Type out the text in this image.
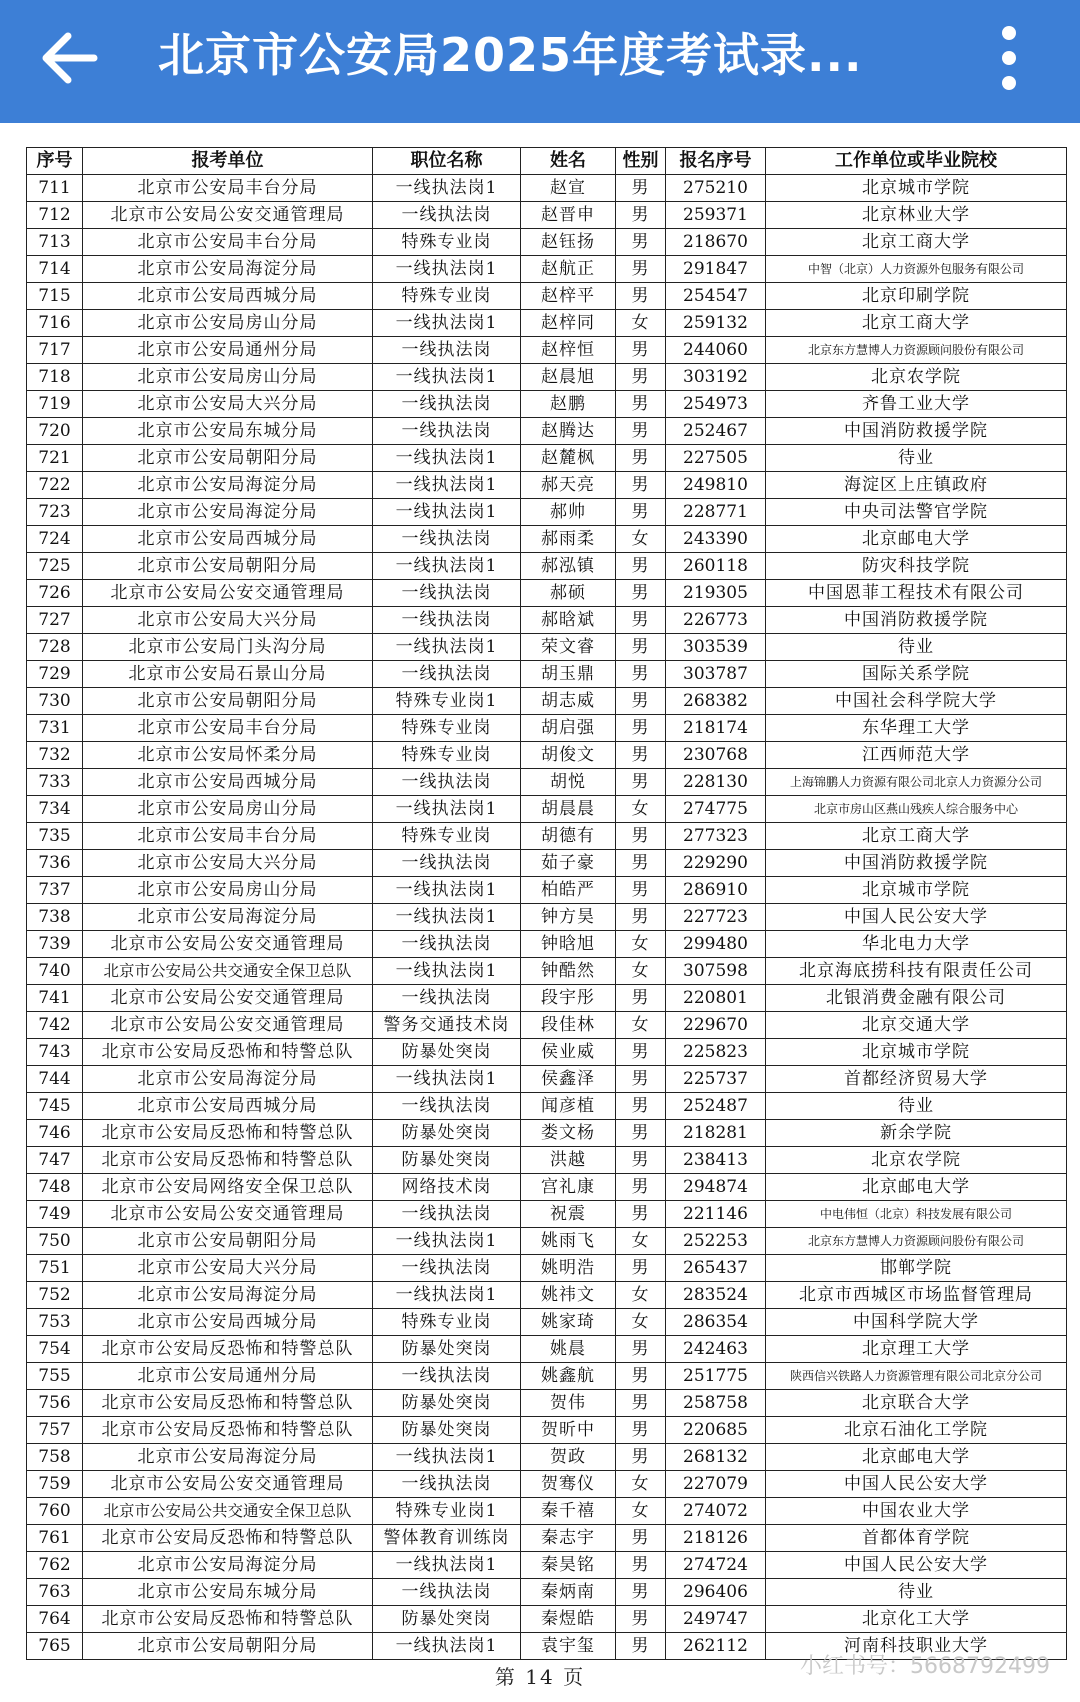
北京市公安局2025年度考试录...
序号	报考单位	职位名称	姓名	性别	报名序号	工作单位或毕业院校
711	北京市公安局丰台分局	一线执法岗1	赵宣	男	275210	北京城市学院
712	北京市公安局公安交通管理局	一线执法岗	赵晋申	男	259371	北京林业大学
713	北京市公安局丰台分局	特殊专业岗	赵钰扬	男	218670	北京工商大学
714	北京市公安局海淀分局	一线执法岗1	赵航正	男	291847	中智（北京）人力资源外包服务有限公司
715	北京市公安局西城分局	特殊专业岗	赵梓平	男	254547	北京印刷学院
716	北京市公安局房山分局	一线执法岗1	赵梓同	女	259132	北京工商大学
717	北京市公安局通州分局	一线执法岗	赵梓恒	男	244060	北京东方慧博人力资源顾问股份有限公司
718	北京市公安局房山分局	一线执法岗1	赵晨旭	男	303192	北京农学院
719	北京市公安局大兴分局	一线执法岗	赵鹏	男	254973	齐鲁工业大学
720	北京市公安局东城分局	一线执法岗	赵腾达	男	252467	中国消防救援学院
721	北京市公安局朝阳分局	一线执法岗1	赵麓枫	男	227505	待业
722	北京市公安局海淀分局	一线执法岗1	郝天亮	男	249810	海淀区上庄镇政府
723	北京市公安局海淀分局	一线执法岗1	郝帅	男	228771	中央司法警官学院
724	北京市公安局西城分局	一线执法岗	郝雨柔	女	243390	北京邮电大学
725	北京市公安局朝阳分局	一线执法岗1	郝泓镇	男	260118	防灾科技学院
726	北京市公安局公安交通管理局	一线执法岗	郝硕	男	219305	中国恩菲工程技术有限公司
727	北京市公安局大兴分局	一线执法岗	郝晗斌	男	226773	中国消防救援学院
728	北京市公安局门头沟分局	一线执法岗1	荣文睿	男	303539	待业
729	北京市公安局石景山分局	一线执法岗	胡玉鼎	男	303787	国际关系学院
730	北京市公安局朝阳分局	特殊专业岗1	胡志威	男	268382	中国社会科学院大学
731	北京市公安局丰台分局	特殊专业岗	胡启强	男	218174	东华理工大学
732	北京市公安局怀柔分局	特殊专业岗	胡俊文	男	230768	江西师范大学
733	北京市公安局西城分局	一线执法岗	胡悦	男	228130	上海锦鹏人力资源有限公司北京人力资源分公司
734	北京市公安局房山分局	一线执法岗1	胡晨晨	女	274775	北京市房山区燕山残疾人综合服务中心
735	北京市公安局丰台分局	特殊专业岗	胡德有	男	277323	北京工商大学
736	北京市公安局大兴分局	一线执法岗	茹子豪	男	229290	中国消防救援学院
737	北京市公安局房山分局	一线执法岗1	柏皓严	男	286910	北京城市学院
738	北京市公安局海淀分局	一线执法岗1	钟方昊	男	227723	中国人民公安大学
739	北京市公安局公安交通管理局	一线执法岗	钟晗旭	女	299480	华北电力大学
740	北京市公安局公共交通安全保卫总队	一线执法岗1	钟酷然	女	307598	北京海底捞科技有限责任公司
741	北京市公安局公安交通管理局	一线执法岗	段宇彤	男	220801	北银消费金融有限公司
742	北京市公安局公安交通管理局	警务交通技术岗	段佳林	女	229670	北京交通大学
743	北京市公安局反恐怖和特警总队	防暴处突岗	侯业威	男	225823	北京城市学院
744	北京市公安局海淀分局	一线执法岗1	侯鑫泽	男	225737	首都经济贸易大学
745	北京市公安局西城分局	一线执法岗	闻彦植	男	252487	待业
746	北京市公安局反恐怖和特警总队	防暴处突岗	娄文杨	男	218281	新余学院
747	北京市公安局反恐怖和特警总队	防暴处突岗	洪越	男	238413	北京农学院
748	北京市公安局网络安全保卫总队	网络技术岗	宫礼康	男	294874	北京邮电大学
749	北京市公安局公安交通管理局	一线执法岗	祝震	男	221146	中电伟恒（北京）科技发展有限公司
750	北京市公安局朝阳分局	一线执法岗1	姚雨飞	女	252253	北京东方慧博人力资源顾问股份有限公司
751	北京市公安局大兴分局	一线执法岗	姚明浩	男	265437	邯郸学院
752	北京市公安局海淀分局	一线执法岗1	姚祎文	女	283524	北京市西城区市场监督管理局
753	北京市公安局西城分局	特殊专业岗	姚家琦	女	286354	中国科学院大学
754	北京市公安局反恐怖和特警总队	防暴处突岗	姚晨	男	242463	北京理工大学
755	北京市公安局通州分局	一线执法岗	姚鑫航	男	251775	陕西信兴铁路人力资源管理有限公司北京分公司
756	北京市公安局反恐怖和特警总队	防暴处突岗	贺伟	男	258758	北京联合大学
757	北京市公安局反恐怖和特警总队	防暴处突岗	贺昕中	男	220685	北京石油化工学院
758	北京市公安局海淀分局	一线执法岗1	贺政	男	268132	北京邮电大学
759	北京市公安局公安交通管理局	一线执法岗	贺骞仪	女	227079	中国人民公安大学
760	北京市公安局公共交通安全保卫总队	特殊专业岗1	秦千禧	女	274072	中国农业大学
761	北京市公安局反恐怖和特警总队	警体教育训练岗	秦志宇	男	218126	首都体育学院
762	北京市公安局海淀分局	一线执法岗1	秦昊铭	男	274724	中国人民公安大学
763	北京市公安局东城分局	一线执法岗	秦炳南	男	296406	待业
764	北京市公安局反恐怖和特警总队	防暴处突岗	秦煜皓	男	249747	北京化工大学
765	北京市公安局朝阳分局	一线执法岗1	袁宇玺	男	262112	河南科技职业大学
第 14 页	小红书号：5668792499
